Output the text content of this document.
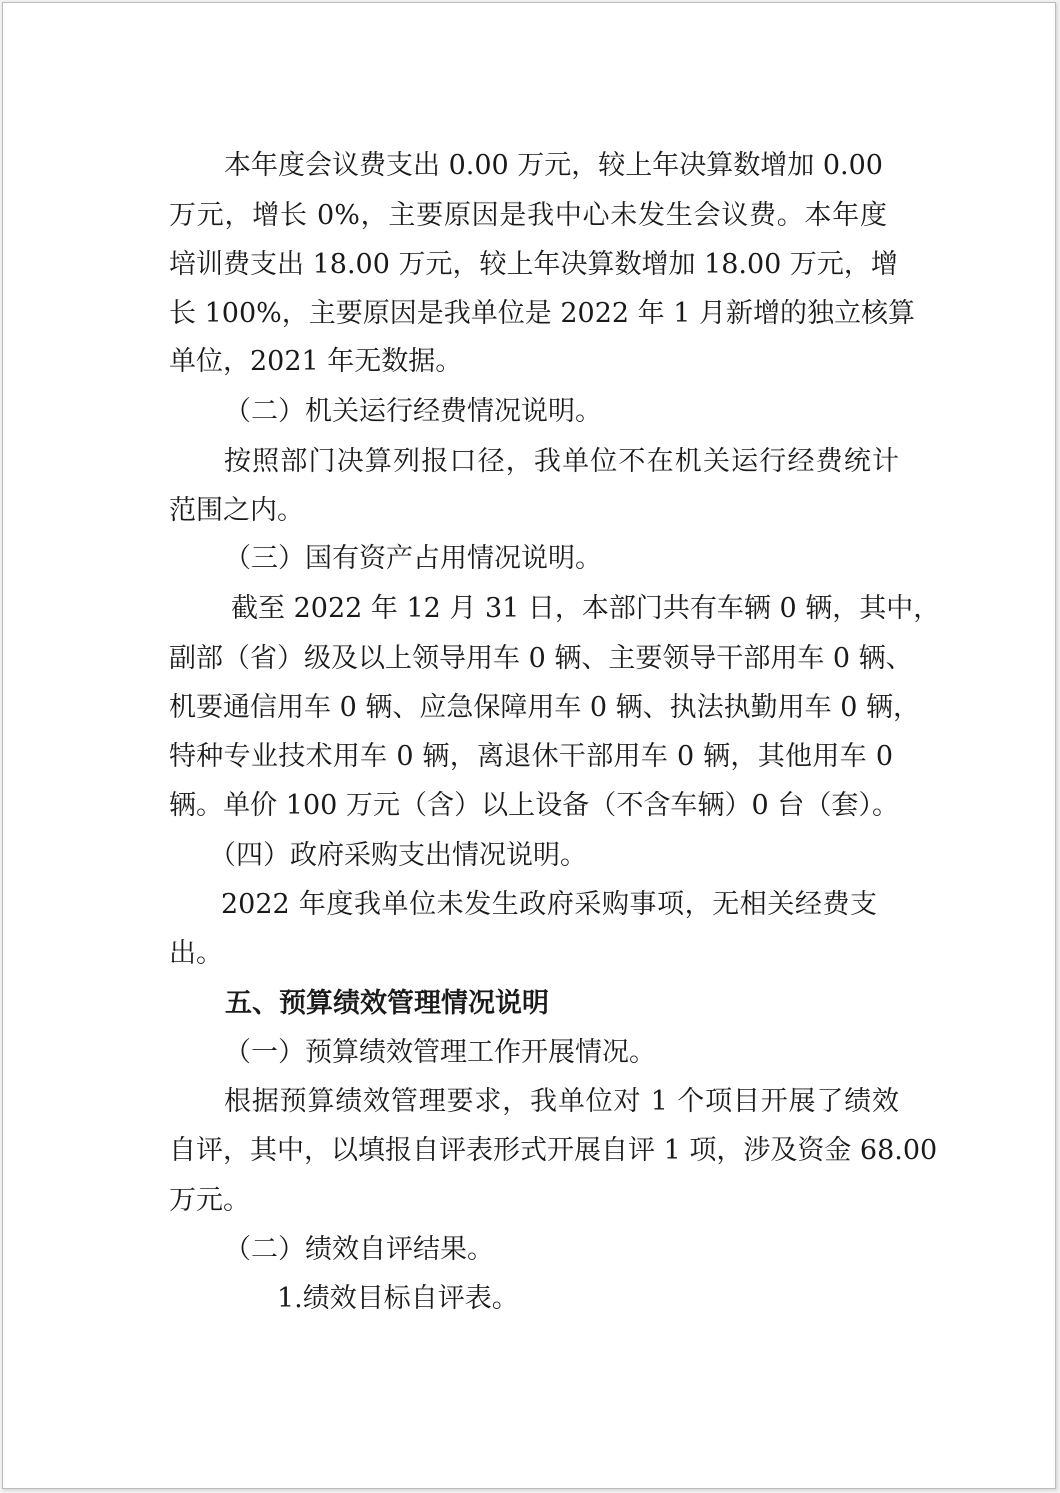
本年度会议费支出 0.00 万元，较上年决算数增加 0.00
万元，增长 0%，主要原因是我中心未发生会议费。本年度
培训费支出 18.00 万元，较上年决算数增加 18.00 万元，增
长 100%，主要原因是我单位是 2022 年 1 月新增的独立核算
单位，2021 年无数据。
（二）机关运行经费情况说明。
按照部门决算列报口径，我单位不在机关运行经费统计
范围之内。
（三）国有资产占用情况说明。
截至 2022 年 12 月 31 日，本部门共有车辆 0 辆，其中，
副部（省）级及以上领导用车 0 辆、主要领导干部用车 0 辆、
机要通信用车 0 辆、应急保障用车 0 辆、执法执勤用车 0 辆，
特种专业技术用车 0 辆，离退休干部用车 0 辆，其他用车 0
辆。单价 100 万元（含）以上设备（不含车辆）0 台（套）。
（四）政府采购支出情况说明。
2022 年度我单位未发生政府采购事项，无相关经费支
出。
五、预算绩效管理情况说明
（一）预算绩效管理工作开展情况。
根据预算绩效管理要求，我单位对 1 个项目开展了绩效
自评，其中，以填报自评表形式开展自评 1 项，涉及资金 68.00
万元。
（二）绩效自评结果。
1.绩效目标自评表。
